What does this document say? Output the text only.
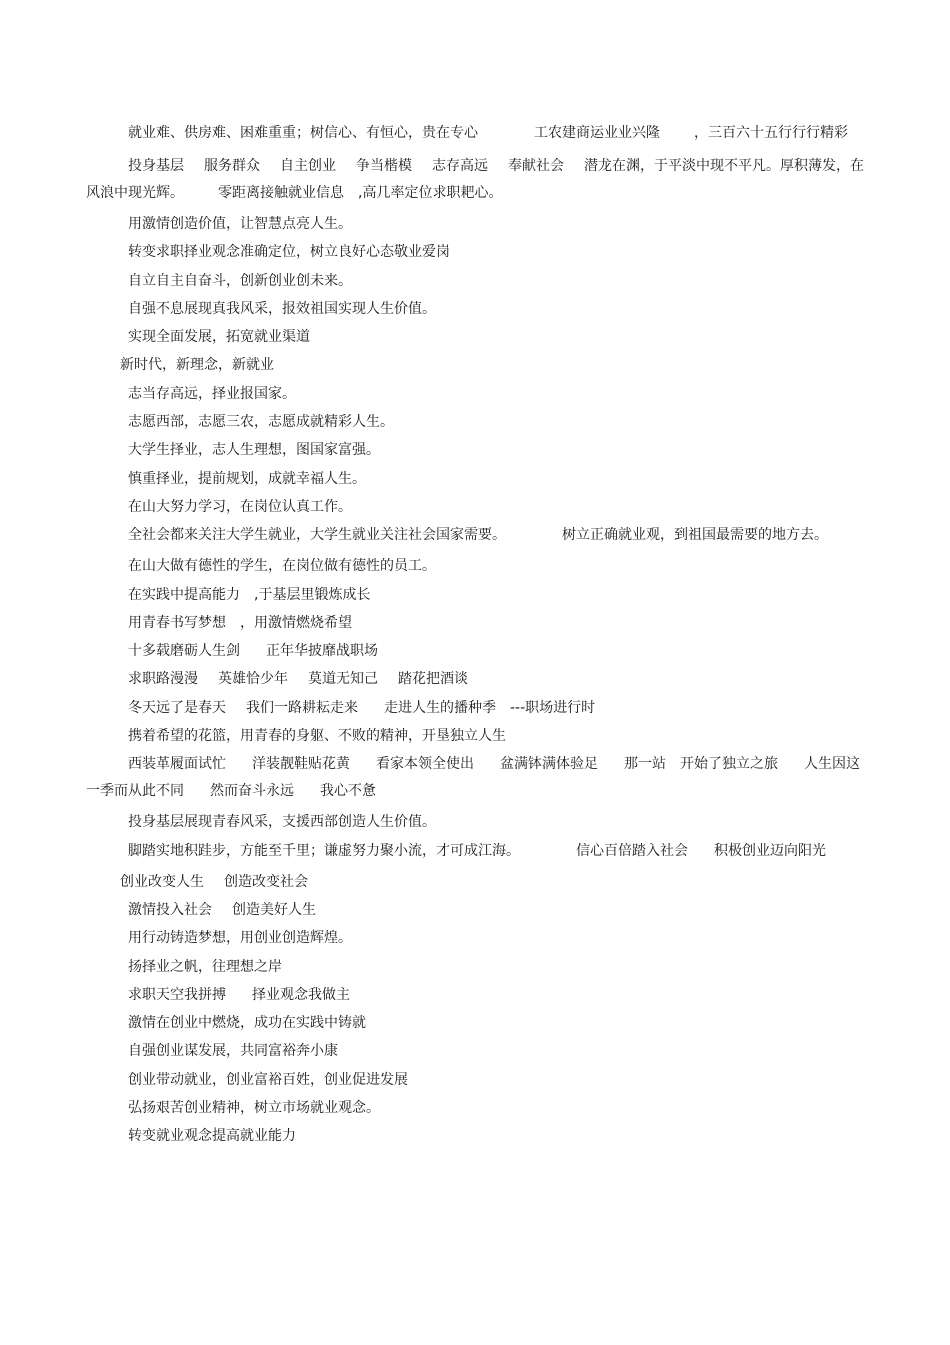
就业难、供房难、困难重重；树信心、有恒心，贵在专心	工农建商运业业兴隆 ，三百六十五行行行精彩

投身基层 服务群众 自主创业 争当楷模 志存高远 奉献社会 潜龙在渊，于平淡中现不平凡。厚积薄发，在风浪中现光辉。 零距离接触就业信息 ,高几率定位求职耙心。

用激情创造价值，让智慧点亮人生。

转变求职择业观念准确定位，树立良好心态敬业爱岗

自立自主自奋斗，创新创业创未来。

自强不息展现真我风采，报效祖国实现人生价值。

实现全面发展，拓宽就业渠道

新时代，新理念，新就业

志当存高远，择业报国家。

志愿西部，志愿三农，志愿成就精彩人生。

大学生择业，志人生理想，图国家富强。

慎重择业，提前规划，成就幸福人生。

在山大努力学习，在岗位认真工作。

全社会都来关注大学生就业，大学生就业关注社会国家需要。	树立正确就业观，到祖国最需要的地方去。

在山大做有德性的学生，在岗位做有德性的员工。

在实践中提高能力 ,于基层里锻炼成长

用青春书写梦想 ，用激情燃烧希望

十多载磨砺人生剑 正年华披靡战职场

求职路漫漫 英雄恰少年 莫道无知己 踏花把酒谈

冬天远了是春天 我们一路耕耘走来 走进人生的播种季 ---职场进行时

携着希望的花篮，用青春的身躯、不败的精神，开垦独立人生

西装革履面试忙 洋装靓鞋贴花黄 看家本领全使出 盆满钵满体验足 那一站 开始了独立之旅 人生因这一季而从此不同 然而奋斗永远 我心不惫

投身基层展现青春风采，支援西部创造人生价值。

脚踏实地积跬步，方能至千里；谦虚努力聚小流，才可成江海。	信心百倍踏入社会 积极创业迈向阳光

创业改变人生 创造改变社会

激情投入社会 创造美好人生

用行动铸造梦想，用创业创造辉煌。

扬择业之帆，往理想之岸

求职天空我拼搏 择业观念我做主

激情在创业中燃烧，成功在实践中铸就

自强创业谋发展，共同富裕奔小康

创业带动就业，创业富裕百姓，创业促进发展

弘扬艰苦创业精神，树立市场就业观念。

转变就业观念提高就业能力
